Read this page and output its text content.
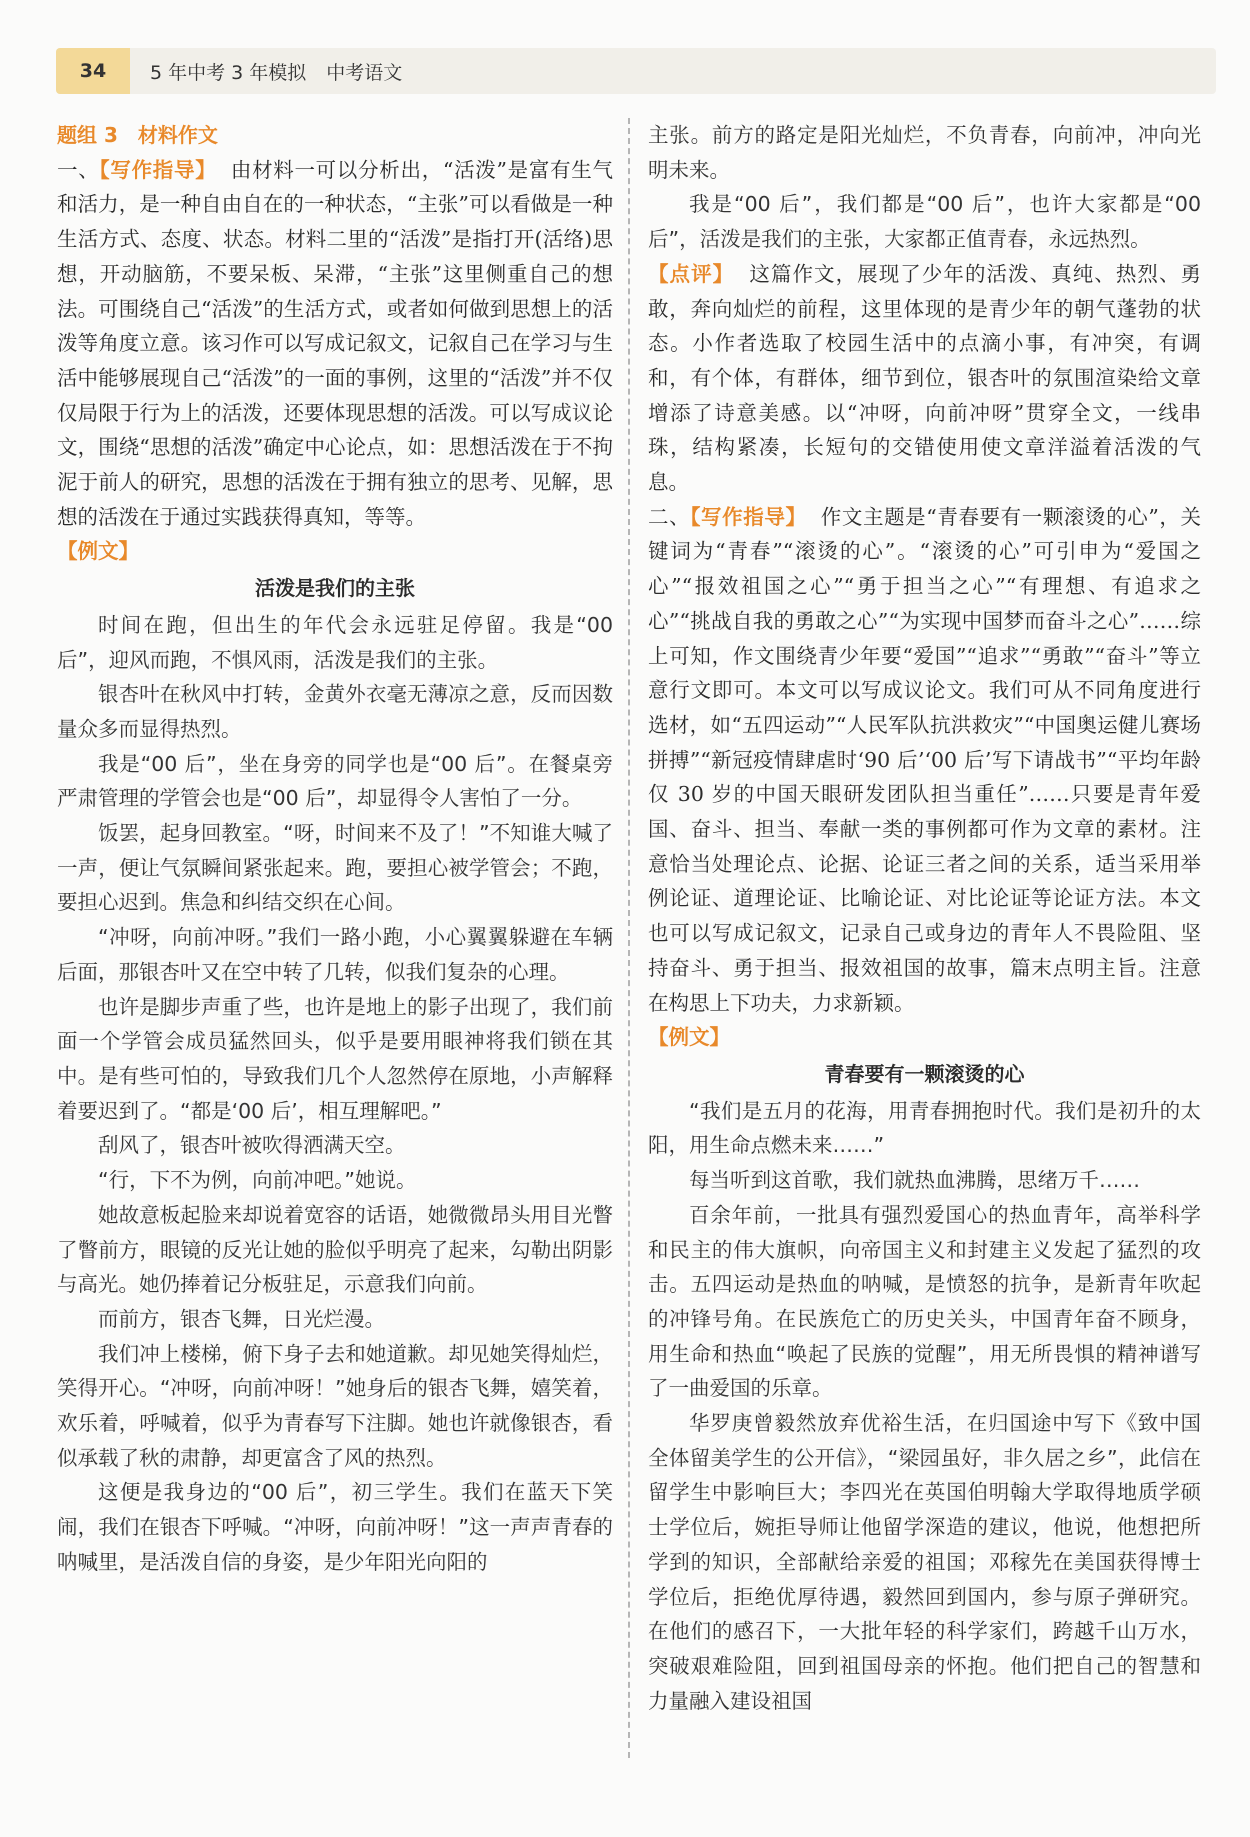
34	5 年中考 3 年模拟 中考语文

题组 3　材料作文

一、【写作指导】 由材料一可以分析出，“活泼”是富有生气和活力，是一种自由自在的一种状态，“主张”可以看做是一种生活方式、态度、状态。材料二里的“活泼”是指打开(活络)思想，开动脑筋，不要呆板、呆滞，“主张”这里侧重自己的想法。可围绕自己“活泼”的生活方式，或者如何做到思想上的活泼等角度立意。该习作可以写成记叙文，记叙自己在学习与生活中能够展现自己“活泼”的一面的事例，这里的“活泼”并不仅仅局限于行为上的活泼，还要体现思想的活泼。可以写成议论文，围绕“思想的活泼”确定中心论点，如：思想活泼在于不拘泥于前人的研究，思想的活泼在于拥有独立的思考、见解，思想的活泼在于通过实践获得真知，等等。

【例文】

活泼是我们的主张

时间在跑，但出生的年代会永远驻足停留。我是“00 后”，迎风而跑，不惧风雨，活泼是我们的主张。

银杏叶在秋风中打转，金黄外衣毫无薄凉之意，反而因数量众多而显得热烈。

我是“00 后”，坐在身旁的同学也是“00 后”。在餐桌旁严肃管理的学管会也是“00 后”，却显得令人害怕了一分。

饭罢，起身回教室。“呀，时间来不及了！”不知谁大喊了一声，便让气氛瞬间紧张起来。跑，要担心被学管会；不跑，要担心迟到。焦急和纠结交织在心间。

“冲呀，向前冲呀。”我们一路小跑，小心翼翼躲避在车辆后面，那银杏叶又在空中转了几转，似我们复杂的心理。

也许是脚步声重了些，也许是地上的影子出现了，我们前面一个学管会成员猛然回头，似乎是要用眼神将我们锁在其中。是有些可怕的，导致我们几个人忽然停在原地，小声解释着要迟到了。“都是‘00 后’，相互理解吧。”

刮风了，银杏叶被吹得洒满天空。

“行，下不为例，向前冲吧。”她说。

她故意板起脸来却说着宽容的话语，她微微昂头用目光瞥了瞥前方，眼镜的反光让她的脸似乎明亮了起来，勾勒出阴影与高光。她仍捧着记分板驻足，示意我们向前。

而前方，银杏飞舞，日光烂漫。

我们冲上楼梯，俯下身子去和她道歉。却见她笑得灿烂，笑得开心。“冲呀，向前冲呀！”她身后的银杏飞舞，嬉笑着，欢乐着，呼喊着，似乎为青春写下注脚。她也许就像银杏，看似承载了秋的肃静，却更富含了风的热烈。

这便是我身边的“00 后”，初三学生。我们在蓝天下笑闹，我们在银杏下呼喊。“冲呀，向前冲呀！”这一声声青春的呐喊里，是活泼自信的身姿，是少年阳光向阳的

主张。前方的路定是阳光灿烂，不负青春，向前冲，冲向光明未来。

我是“00 后”，我们都是“00 后”，也许大家都是“00 后”，活泼是我们的主张，大家都正值青春，永远热烈。

【点评】 这篇作文，展现了少年的活泼、真纯、热烈、勇敢，奔向灿烂的前程，这里体现的是青少年的朝气蓬勃的状态。小作者选取了校园生活中的点滴小事，有冲突，有调和，有个体，有群体，细节到位，银杏叶的氛围渲染给文章增添了诗意美感。以“冲呀，向前冲呀”贯穿全文，一线串珠，结构紧凑，长短句的交错使用使文章洋溢着活泼的气息。

二、【写作指导】 作文主题是“青春要有一颗滚烫的心”，关键词为“青春”“滚烫的心”。“滚烫的心”可引申为“爱国之心”“报效祖国之心”“勇于担当之心”“有理想、有追求之心”“挑战自我的勇敢之心”“为实现中国梦而奋斗之心”……综上可知，作文围绕青少年要“爱国”“追求”“勇敢”“奋斗”等立意行文即可。本文可以写成议论文。我们可从不同角度进行选材，如“五四运动”“人民军队抗洪救灾”“中国奥运健儿赛场拼搏”“新冠疫情肆虐时‘90 后’‘00 后’写下请战书”“平均年龄仅 30 岁的中国天眼研发团队担当重任”……只要是青年爱国、奋斗、担当、奉献一类的事例都可作为文章的素材。注意恰当处理论点、论据、论证三者之间的关系，适当采用举例论证、道理论证、比喻论证、对比论证等论证方法。本文也可以写成记叙文，记录自己或身边的青年人不畏险阻、坚持奋斗、勇于担当、报效祖国的故事，篇末点明主旨。注意在构思上下功夫，力求新颖。

【例文】

青春要有一颗滚烫的心

“我们是五月的花海，用青春拥抱时代。我们是初升的太阳，用生命点燃未来……”

每当听到这首歌，我们就热血沸腾，思绪万千……

百余年前，一批具有强烈爱国心的热血青年，高举科学和民主的伟大旗帜，向帝国主义和封建主义发起了猛烈的攻击。五四运动是热血的呐喊，是愤怒的抗争，是新青年吹起的冲锋号角。在民族危亡的历史关头，中国青年奋不顾身，用生命和热血“唤起了民族的觉醒”，用无所畏惧的精神谱写了一曲爱国的乐章。

华罗庚曾毅然放弃优裕生活，在归国途中写下《致中国全体留美学生的公开信》，“梁园虽好，非久居之乡”，此信在留学生中影响巨大；李四光在英国伯明翰大学取得地质学硕士学位后，婉拒导师让他留学深造的建议，他说，他想把所学到的知识，全部献给亲爱的祖国；邓稼先在美国获得博士学位后，拒绝优厚待遇，毅然回到国内，参与原子弹研究。在他们的感召下，一大批年轻的科学家们，跨越千山万水，突破艰难险阻，回到祖国母亲的怀抱。他们把自己的智慧和力量融入建设祖国
